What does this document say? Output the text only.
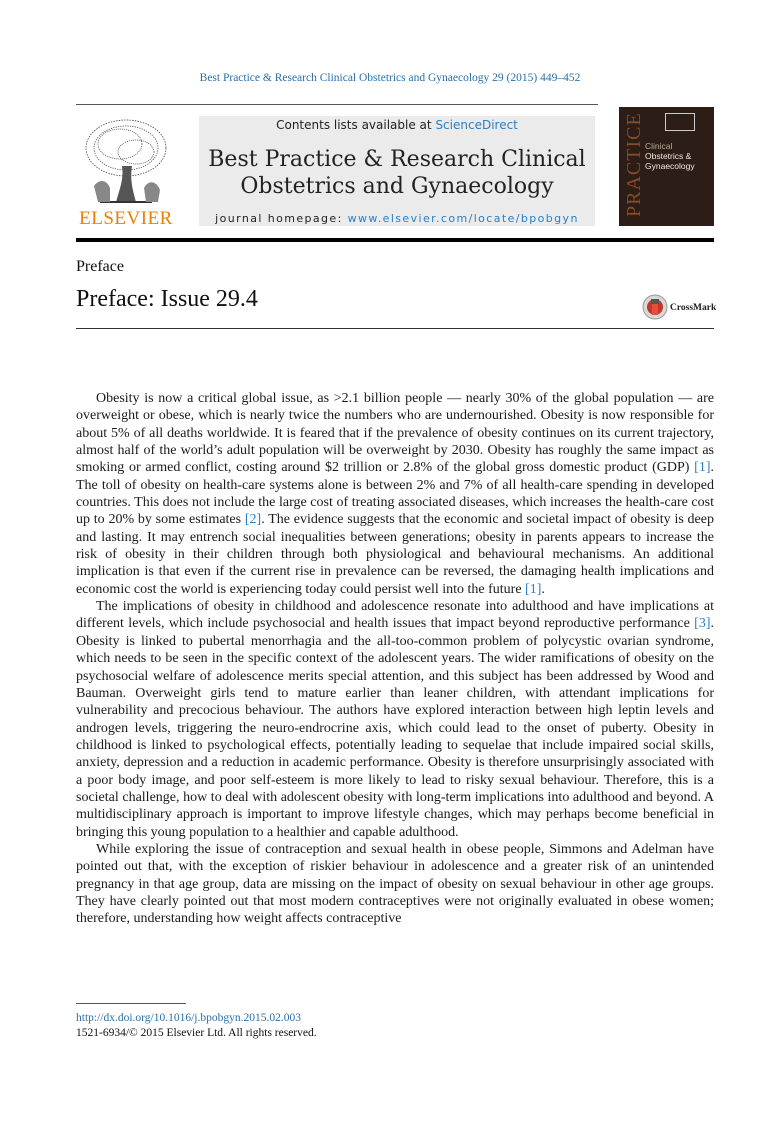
Best Practice & Research Clinical Obstetrics and Gynaecology 29 (2015) 449–452
ELSEVIER
Contents lists available at ScienceDirect
Best Practice & Research Clinical
Obstetrics and Gynaecology
journal homepage: www.elsevier.com/locate/bpobgyn
PRACTICE Clinical
Obstetrics &
Gynaecology
Preface
Preface: Issue 29.4	CrossMark

Obesity is now a critical global issue, as >2.1 billion people — nearly 30% of the global population — are overweight or obese, which is nearly twice the numbers who are undernourished. Obesity is now responsible for about 5% of all deaths worldwide. It is feared that if the prevalence of obesity continues on its current trajectory, almost half of the world’s adult population will be overweight by 2030. Obesity has roughly the same impact as smoking or armed conflict, costing around $2 trillion or 2.8% of the global gross domestic product (GDP) [1]. The toll of obesity on health-care systems alone is between 2% and 7% of all health-care spending in developed countries. This does not include the large cost of treating associated diseases, which increases the health-care cost up to 20% by some estimates [2]. The evidence suggests that the economic and societal impact of obesity is deep and lasting. It may entrench social inequalities between generations; obesity in parents appears to increase the risk of obesity in their children through both physiological and behavioural mechanisms. An additional implication is that even if the current rise in prevalence can be reversed, the damaging health implications and economic cost the world is experiencing today could persist well into the future [1].

The implications of obesity in childhood and adolescence resonate into adulthood and have implications at different levels, which include psychosocial and health issues that impact beyond reproductive performance [3]. Obesity is linked to pubertal menorrhagia and the all-too-common problem of polycystic ovarian syndrome, which needs to be seen in the specific context of the adolescent years. The wider ramifications of obesity on the psychosocial welfare of adolescence merits special attention, and this subject has been addressed by Wood and Bauman. Overweight girls tend to mature earlier than leaner children, with attendant implications for vulnerability and precocious behaviour. The authors have explored interaction between high leptin levels and androgen levels, triggering the neuro-endrocrine axis, which could lead to the onset of puberty. Obesity in childhood is linked to psychological effects, potentially leading to sequelae that include impaired social skills, anxiety, depression and a reduction in academic performance. Obesity is therefore unsurprisingly associated with a poor body image, and poor self-esteem is more likely to lead to risky sexual behaviour. Therefore, this is a societal challenge, how to deal with adolescent obesity with long-term implications into adulthood and beyond. A multidisciplinary approach is important to improve lifestyle changes, which may perhaps become beneficial in bringing this young population to a healthier and capable adulthood.

While exploring the issue of contraception and sexual health in obese people, Simmons and Adelman have pointed out that, with the exception of riskier behaviour in adolescence and a greater risk of an unintended pregnancy in that age group, data are missing on the impact of obesity on sexual behaviour in other age groups. They have clearly pointed out that most modern contraceptives were not originally evaluated in obese women; therefore, understanding how weight affects contraceptive

http://dx.doi.org/10.1016/j.bpobgyn.2015.02.003
1521-6934/© 2015 Elsevier Ltd. All rights reserved.
